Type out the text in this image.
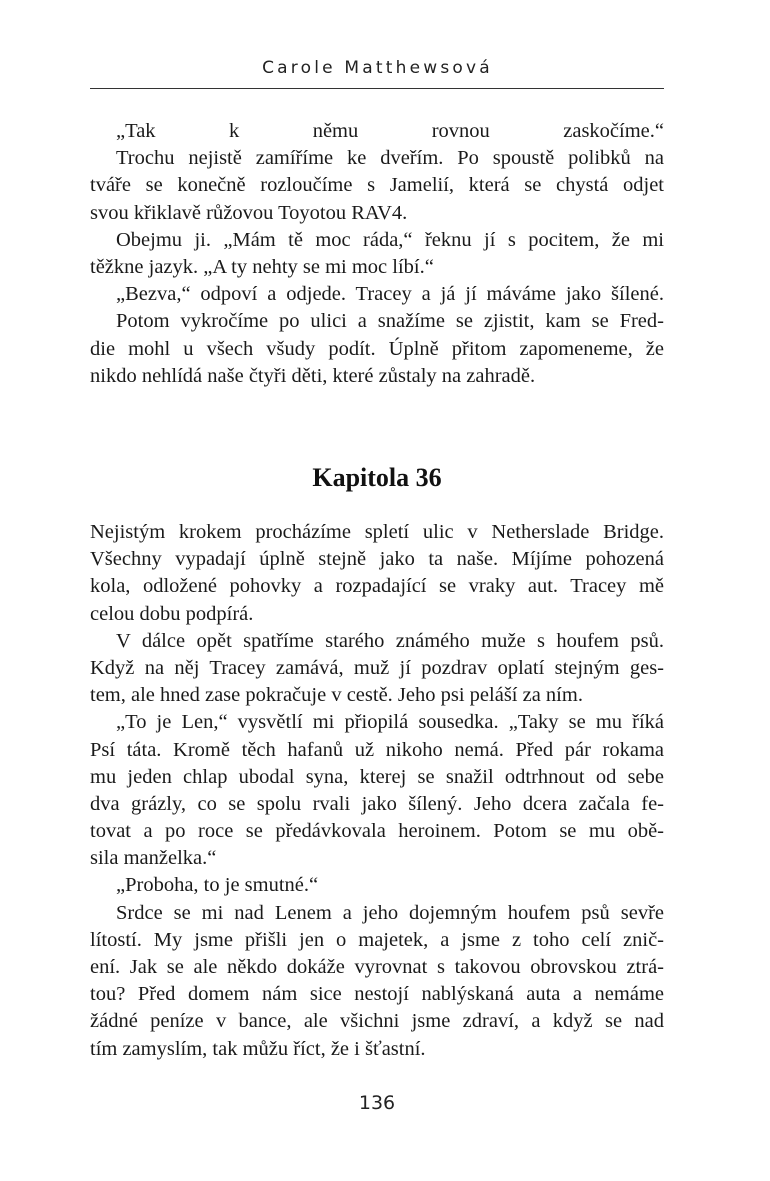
Carole Matthewsová
„Tak k němu rovnou zaskočíme.“
Trochu nejistě zamíříme ke dveřím. Po spoustě polibků na
tváře se konečně rozloučíme s Jamelií, která se chystá odjet
svou křiklavě růžovou Toyotou RAV4.
Obejmu ji. „Mám tě moc ráda,“ řeknu jí s pocitem, že mi
těžkne jazyk. „A ty nehty se mi moc líbí.“
„Bezva,“ odpoví a odjede. Tracey a já jí máváme jako šílené.
Potom vykročíme po ulici a snažíme se zjistit, kam se Fred-
die mohl u všech všudy podít. Úplně přitom zapomeneme, že
nikdo nehlídá naše čtyři děti, které zůstaly na zahradě.
Kapitola 36
Nejistým krokem procházíme spletí ulic v Netherslade Bridge.
Všechny vypadají úplně stejně jako ta naše. Míjíme pohozená
kola, odložené pohovky a rozpadající se vraky aut. Tracey mě
celou dobu podpírá.
V dálce opět spatříme starého známého muže s houfem psů.
Když na něj Tracey zamává, muž jí pozdrav oplatí stejným ges-
tem, ale hned zase pokračuje v cestě. Jeho psi peláší za ním.
„To je Len,“ vysvětlí mi přiopilá sousedka. „Taky se mu říká
Psí táta. Kromě těch hafanů už nikoho nemá. Před pár rokama
mu jeden chlap ubodal syna, kterej se snažil odtrhnout od sebe
dva grázly, co se spolu rvali jako šílený. Jeho dcera začala fe-
tovat a po roce se předávkovala heroinem. Potom se mu obě-
sila manželka.“
„Proboha, to je smutné.“
Srdce se mi nad Lenem a jeho dojemným houfem psů sevře
lítostí. My jsme přišli jen o majetek, a jsme z toho celí znič-
ení. Jak se ale někdo dokáže vyrovnat s takovou obrovskou ztrá-
tou? Před domem nám sice nestojí nablýskaná auta a nemáme
žádné peníze v bance, ale všichni jsme zdraví, a když se nad
tím zamyslím, tak můžu říct, že i šťastní.
136
